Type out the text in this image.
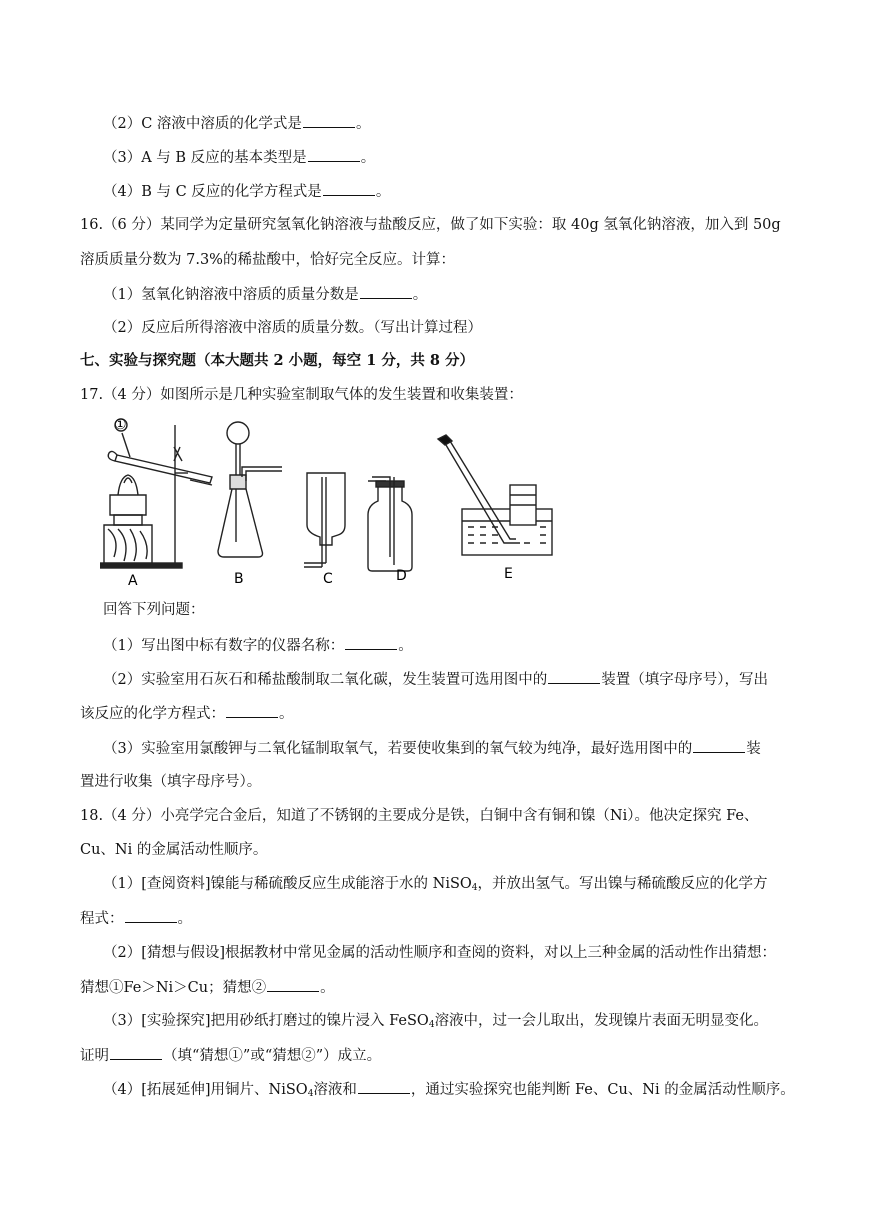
（2）C 溶液中溶质的化学式是	。
（3）A 与 B 反应的基本类型是	。
（4）B 与 C 反应的化学方程式是	。
16.（6 分）某同学为定量研究氢氧化钠溶液与盐酸反应，做了如下实验：取 40g 氢氧化钠溶液，加入到 50g
溶质质量分数为 7.3%的稀盐酸中，恰好完全反应。计算：
（1）氢氧化钠溶液中溶质的质量分数是	。
（2）反应后所得溶液中溶质的质量分数。（写出计算过程）
七、实验与探究题（本大题共 2 小题，每空 1 分，共 8 分）
17.（4 分）如图所示是几种实验室制取气体的发生装置和收集装置：
①
A	B	C	D	E
回答下列问题：
（1）写出图中标有数字的仪器名称：	。
（2）实验室用石灰石和稀盐酸制取二氧化碳，发生装置可选用图中的	装置（填字母序号），写出
该反应的化学方程式：	。
（3）实验室用氯酸钾与二氧化锰制取氧气，若要使收集到的氧气较为纯净，最好选用图中的	装
置进行收集（填字母序号）。
18.（4 分）小亮学完合金后，知道了不锈钢的主要成分是铁，白铜中含有铜和镍（Ni）。他决定探究 Fe、
Cu、Ni 的金属活动性顺序。
（1）[查阅资料]镍能与稀硫酸反应生成能溶于水的 NiSO$_4$，并放出氢气。写出镍与稀硫酸反应的化学方
程式：	。
（2）[猜想与假设]根据教材中常见金属的活动性顺序和查阅的资料，对以上三种金属的活动性作出猜想：
猜想①Fe＞Ni＞Cu；猜想②	。
（3）[实验探究]把用砂纸打磨过的镍片浸入 FeSO$_4$溶液中，过一会儿取出，发现镍片表面无明显变化。
证明	（填“猜想①”或“猜想②”）成立。
（4）[拓展延伸]用铜片、NiSO$_4$溶液和	，通过实验探究也能判断 Fe、Cu、Ni 的金属活动性顺序。
